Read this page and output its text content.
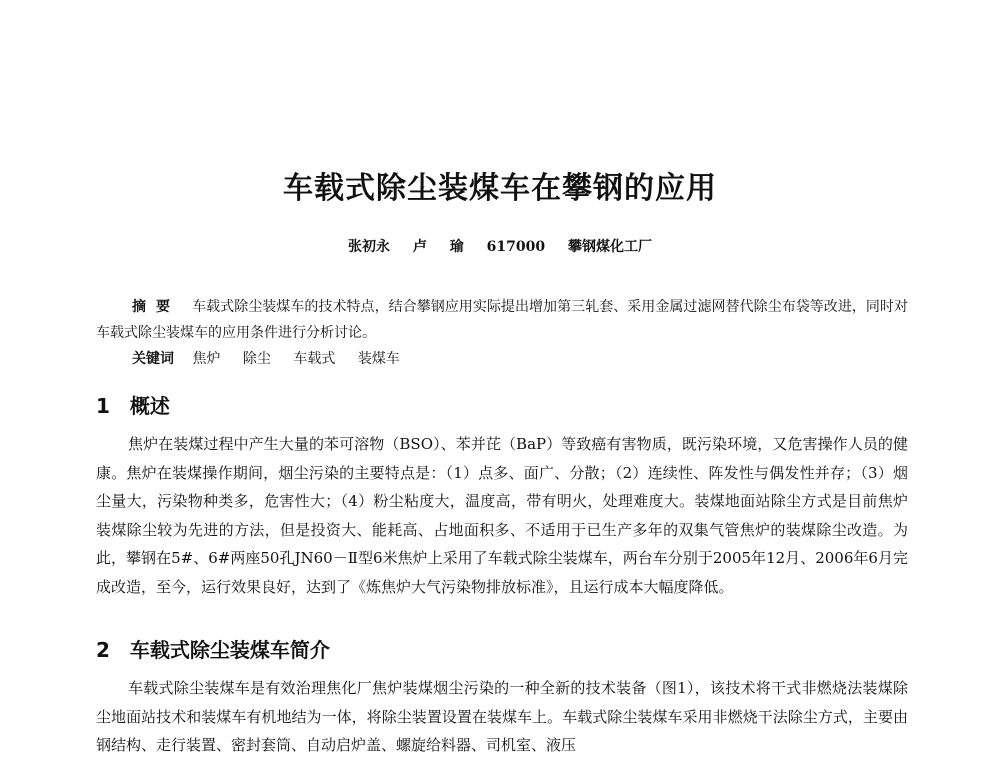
车载式除尘装煤车在攀钢的应用

张初永 卢 瑜 617000 攀钢煤化工厂

摘要 车载式除尘装煤车的技术特点，结合攀钢应用实际提出增加第三轧套、采用金属过滤网替代除尘布袋等改进，同时对车载式除尘装煤车的应用条件进行分析讨论。

关键词 焦炉 除尘 车载式 装煤车

1 概述

焦炉在装煤过程中产生大量的苯可溶物（BSO）、苯并芘（BaP）等致癌有害物质，既污染环境，又危害操作人员的健康。焦炉在装煤操作期间，烟尘污染的主要特点是：（1）点多、面广、分散；（2）连续性、阵发性与偶发性并存；（3）烟尘量大，污染物种类多，危害性大；（4）粉尘粘度大，温度高，带有明火，处理难度大。装煤地面站除尘方式是目前焦炉装煤除尘较为先进的方法，但是投资大、能耗高、占地面积多、不适用于已生产多年的双集气管焦炉的装煤除尘改造。为此，攀钢在5#、6#两座50孔JN60－Ⅱ型6米焦炉上采用了车载式除尘装煤车，两台车分别于2005年12月、2006年6月完成改造，至今，运行效果良好，达到了《炼焦炉大气污染物排放标准》，且运行成本大幅度降低。

2 车载式除尘装煤车简介

车载式除尘装煤车是有效治理焦化厂焦炉装煤烟尘污染的一种全新的技术装备（图1），该技术将干式非燃烧法装煤除尘地面站技术和装煤车有机地结为一体，将除尘装置设置在装煤车上。车载式除尘装煤车采用非燃烧干法除尘方式，主要由钢结构、走行装置、密封套筒、自动启炉盖、螺旋给料器、司机室、液压
